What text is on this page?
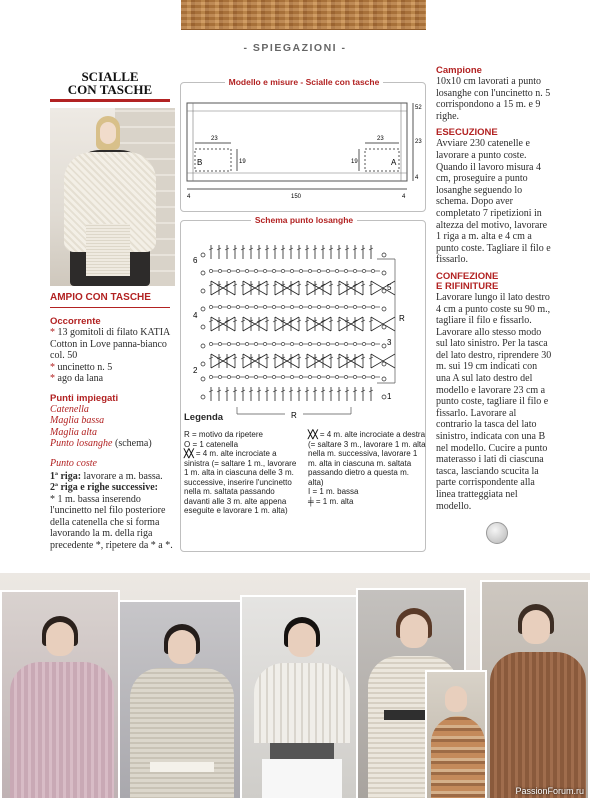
- SPIEGAZIONI -
SCIALLE
CON TASCHE
AMPIO CON TASCHE
Occorrente
* 13 gomitoli di filato KATIA Cotton in Love panna-bianco col. 50
* uncinetto n. 5
* ago da lana
Punti impiegati
Catenella
Maglia bassa
Maglia alta
Punto losanghe (schema)
Punto coste
1ª riga: lavorare a m. bassa.
2ª riga e righe successive:
* 1 m. bassa inserendo l'uncinetto nel filo posteriore della catenella che si forma lavorando la m. della riga precedente *, ripetere da * a *.
Modello e misure - Scialle con tasche
23	23
B	A
19	19
150
4	4
52
23
4
Schema punto losanghe
6
4
2
5
3
1
R
R
Legenda
R = motivo da ripetere
O = 1 catenella
╳╳ = 4 m. alte incrociate a sinistra (= saltare 1 m., lavorare 1 m. alta in ciascuna delle 3 m. successive, inserire l'uncinetto nella m. saltata passando davanti alle 3 m. alte appena eseguite e lavorare 1 m. alta)
╳╳ = 4 m. alte incrociate a destra (= saltare 3 m., lavorare 1 m. alta nella m. successiva, lavorare 1 m. alta in ciascuna m. saltata passando dietro a questa m. alta)
I = 1 m. bassa
╪ = 1 m. alta
Campione
10x10 cm lavorati a punto losanghe con l'uncinetto n. 5 corrispondono a 15 m. e 9 righe.
ESECUZIONE
Avviare 230 catenelle e lavorare a punto coste. Quando il lavoro misura 4 cm, proseguire a punto losanghe seguendo lo schema. Dopo aver completato 7 ripetizioni in altezza del motivo, lavorare 1 riga a m. alta e 4 cm a punto coste. Tagliare il filo e fissarlo.
CONFEZIONE
E RIFINITURE
Lavorare lungo il lato destro 4 cm a punto coste su 90 m., tagliare il filo e fissarlo. Lavorare allo stesso modo sul lato sinistro. Per la tasca del lato destro, riprendere 30 m. sui 19 cm indicati con una A sul lato destro del modello e lavorare 23 cm a punto coste, tagliare il filo e fissarlo. Lavorare al contrario la tasca del lato sinistro, indicata con una B nel modello. Cucire a punto materasso i lati di ciascuna tasca, lasciando scucita la parte corrispondente alla linea tratteggiata nel modello.
PassionForum.ru
